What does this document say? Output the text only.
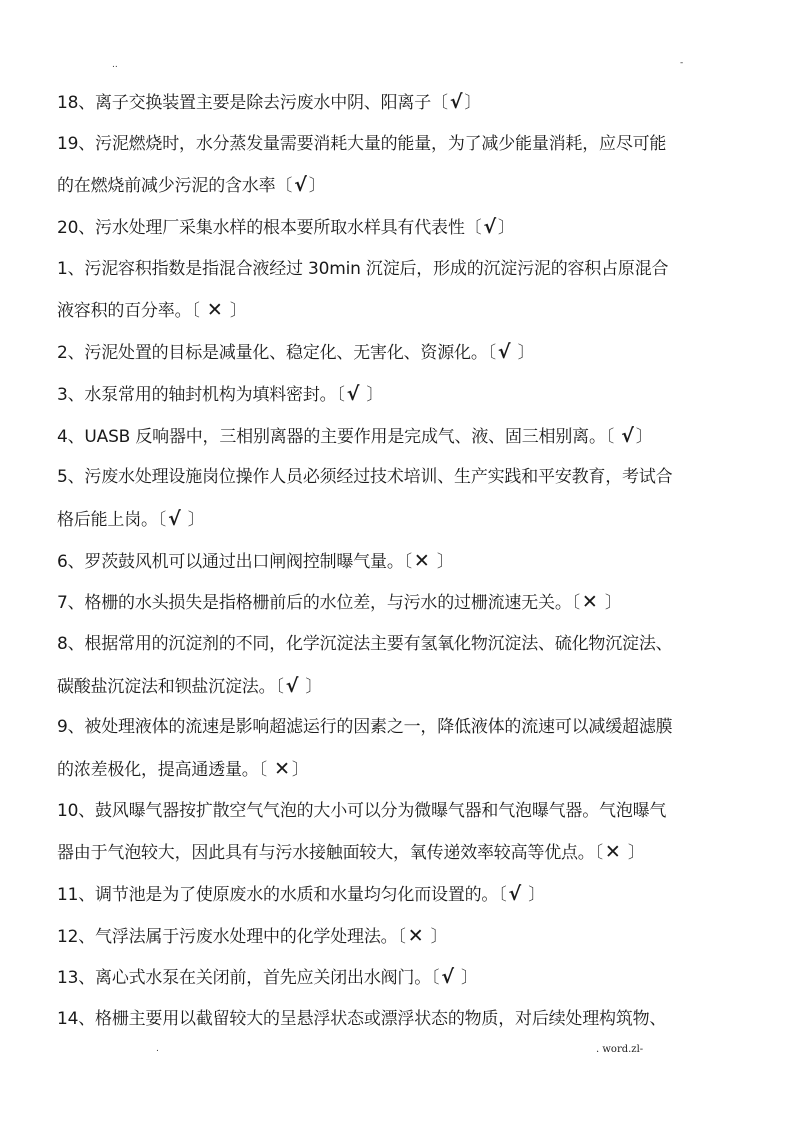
..	-
18、离子交换装置主要是除去污废水中阴、阳离子〔 √ 〕
19、污泥燃烧时，水分蒸发量需要消耗大量的能量，为了减少能量消耗，应尽可能
的在燃烧前减少污泥的含水率〔 √ 〕
20、污水处理厂采集水样的根本要所取水样具有代表性〔 √ 〕
1、污泥容积指数是指混合液经过 30min 沉淀后，形成的沉淀污泥的容积占原混合
液容积的百分率。〔 ✕ 〕
2、污泥处置的目标是减量化、稳定化、无害化、资源化。〔 √ 〕
3、水泵常用的轴封机构为填料密封。〔 √ 〕
4、UASB 反响器中，三相别离器的主要作用是完成气、液、固三相别离。〔 √ 〕
5、污废水处理设施岗位操作人员必须经过技术培训、生产实践和平安教育，考试合
格后能上岗。〔 √ 〕
6、罗茨鼓风机可以通过出口闸阀控制曝气量。〔 ✕ 〕
7、格栅的水头损失是指格栅前后的水位差，与污水的过栅流速无关。〔 ✕ 〕
8、根据常用的沉淀剂的不同，化学沉淀法主要有氢氧化物沉淀法、硫化物沉淀法、
碳酸盐沉淀法和钡盐沉淀法。〔 √ 〕
9、被处理液体的流速是影响超滤运行的因素之一，降低液体的流速可以减缓超滤膜
的浓差极化，提高通透量。〔 ✕ 〕
10、鼓风曝气器按扩散空气气泡的大小可以分为微曝气器和气泡曝气器。气泡曝气
器由于气泡较大，因此具有与污水接触面较大，氧传递效率较高等优点。〔 ✕ 〕
11、调节池是为了使原废水的水质和水量均匀化而设置的。〔 √ 〕
12、气浮法属于污废水处理中的化学处理法。〔 ✕ 〕
13、离心式水泵在关闭前，首先应关闭出水阀门。〔 √ 〕
14、格栅主要用以截留较大的呈悬浮状态或漂浮状态的物质，对后续处理构筑物、
.	. word.zl-
